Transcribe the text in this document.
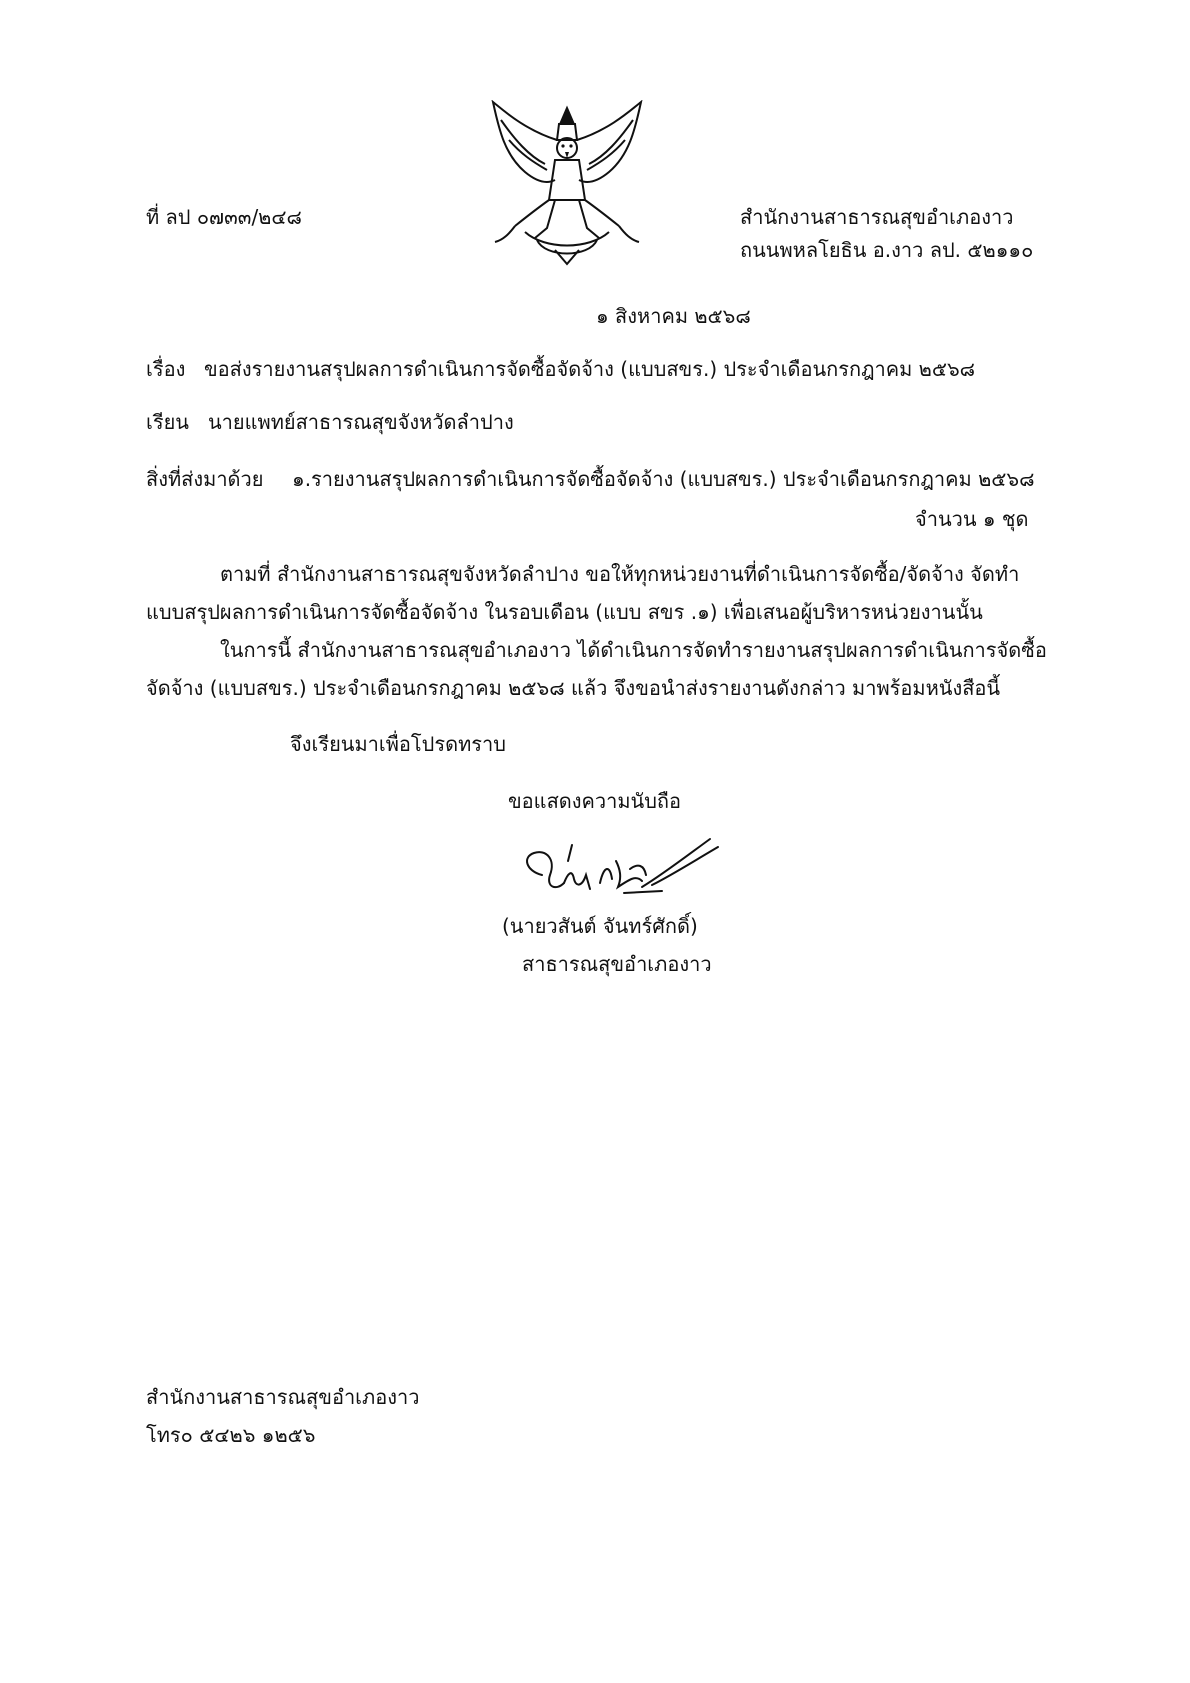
ที่ ลป ๐๗๓๓/๒๔๘	สำนักงานสาธารณสุขอำเภองาว
ถนนพหลโยธิน อ.งาว ลป. ๕๒๑๑๐
๑ สิงหาคม ๒๕๖๘
เรื่อง ขอส่งรายงานสรุปผลการดำเนินการจัดซื้อจัดจ้าง (แบบสขร.) ประจำเดือนกรกฎาคม ๒๕๖๘
เรียน นายแพทย์สาธารณสุขจังหวัดลำปาง
สิ่งที่ส่งมาด้วย ๑.รายงานสรุปผลการดำเนินการจัดซื้อจัดจ้าง (แบบสขร.) ประจำเดือนกรกฎาคม ๒๕๖๘
จำนวน ๑ ชุด
ตามที่ สำนักงานสาธารณสุขจังหวัดลำปาง ขอให้ทุกหน่วยงานที่ดำเนินการจัดซื้อ/จัดจ้าง จัดทำ
แบบสรุปผลการดำเนินการจัดซื้อจัดจ้าง ในรอบเดือน (แบบ สขร .๑) เพื่อเสนอผู้บริหารหน่วยงานนั้น
ในการนี้ สำนักงานสาธารณสุขอำเภองาว ได้ดำเนินการจัดทำรายงานสรุปผลการดำเนินการจัดซื้อ
จัดจ้าง (แบบสขร.) ประจำเดือนกรกฎาคม ๒๕๖๘ แล้ว จึงขอนำส่งรายงานดังกล่าว มาพร้อมหนังสือนี้
จึงเรียนมาเพื่อโปรดทราบ
ขอแสดงความนับถือ
(นายวสันต์ จันทร์ศักดิ์)
สาธารณสุขอำเภองาว
สำนักงานสาธารณสุขอำเภองาว
โทร๐ ๕๔๒๖ ๑๒๕๖
